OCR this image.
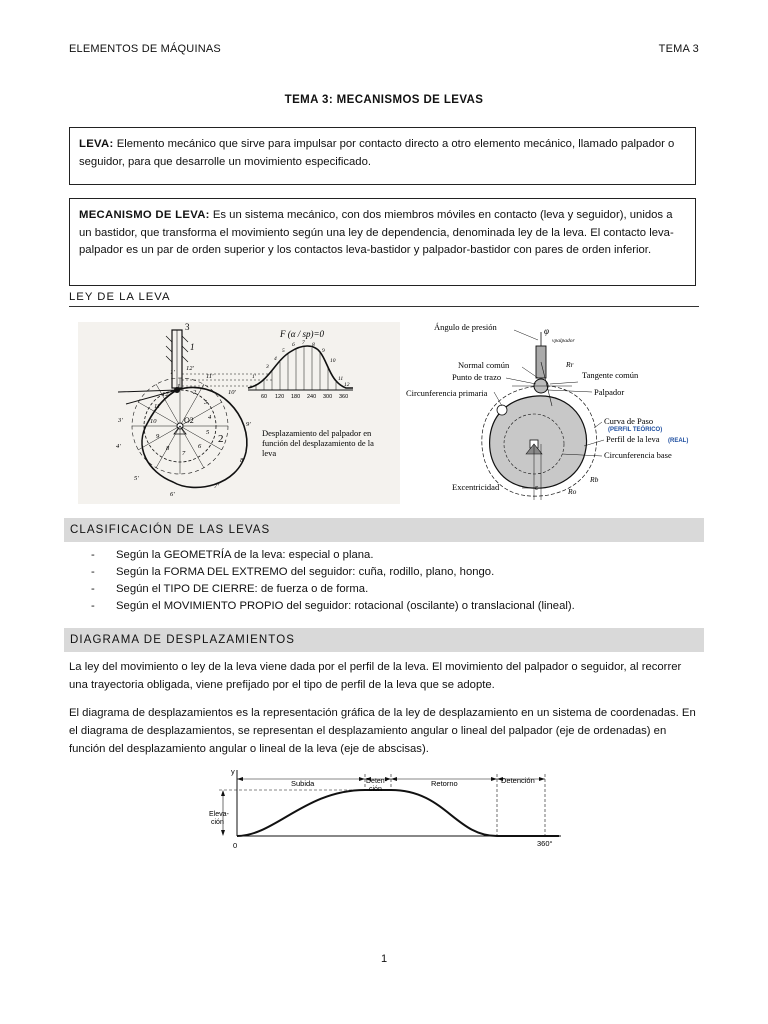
ELEMENTOS DE MÁQUINAS	TEMA 3
TEMA 3: MECANISMOS DE LEVAS
LEVA: Elemento mecánico que sirve para impulsar por contacto directo a otro elemento mecánico, llamado palpador o seguidor, para que desarrolle un movimiento especificado.
MECANISMO DE LEVA: Es un sistema mecánico, con dos miembros móviles en contacto (leva y seguidor), unidos a un bastidor, que transforma el movimiento según una ley de dependencia, denominada ley de la leva. El contacto leva-palpador es un par de orden superior y los contactos leva-bastidor y palpador-bastidor con pares de orden inferior.
LEY DE LA LEVA
3
1
O2
2
1
2
3
4
5
6
7
8
9
10
11
12
1'
3'
4'
5'
6'
7'
8'
9'
10'
11'
12'
F (α / sp)=0
60 120 180 240 300 360
1'
3
4
5
6 7 8
9
10
11
12
Desplazamiento del palpador en
función del desplazamiento de la
leva
Ángulo de presión
Normal común
Punto de trazo
Circunferencia primaria
Tangente común
Palpador
Curva de Paso
Perfil de la leva
Circunferencia base
Excentricidad
φ
vpalpador
Rr
Rb
Ro
ε
(PERFIL TEÓRICO)
(REAL)
CLASIFICACIÓN DE LAS LEVAS
- Según la GEOMETRÍA de la leva: especial o plana.
- Según la FORMA DEL EXTREMO del seguidor: cuña, rodillo, plano, hongo.
- Según el TIPO DE CIERRE: de fuerza o de forma.
- Según el MOVIMIENTO PROPIO del seguidor: rotacional (oscilante) o translacional (lineal).
DIAGRAMA DE DESPLAZAMIENTOS
La ley del movimiento o ley de la leva viene dada por el perfil de la leva. El movimiento del palpador o seguidor, al recorrer una trayectoria obligada, viene prefijado por el tipo de perfil de la leva que se adopte.
El diagrama de desplazamientos es la representación gráfica de la ley de desplazamiento en un sistema de coordenadas. En el diagrama de desplazamientos, se representan el desplazamiento angular o lineal del palpador (eje de ordenadas) en función del desplazamiento angular o lineal de la leva (eje de abscisas).
y
Subida	Deten-
ción
Retorno	Detención
Eleva-
ción
0	360°
1
